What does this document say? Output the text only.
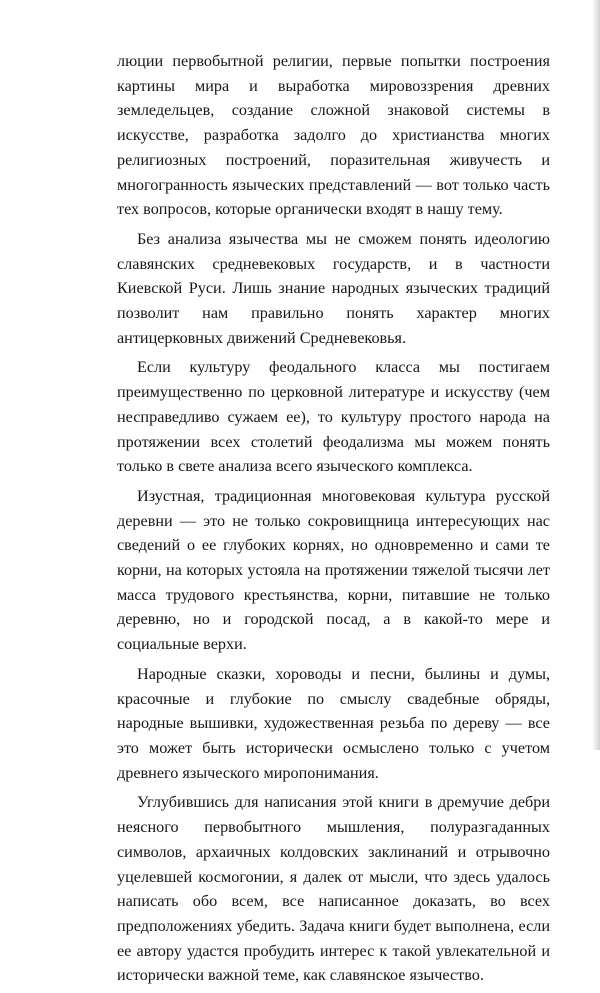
люции первобытной религии, первые попытки построения картины мира и выработка мировоззрения древних земледельцев, создание сложной знаковой системы в искусстве, разработка задолго до христианства многих религиозных построений, поразительная живучесть и многогранность языческих представлений — вот только часть тех вопросов, которые органически входят в нашу тему.

Без анализа язычества мы не сможем понять идеологию славянских средневековых государств, и в частности Киевской Руси. Лишь знание народных языческих традиций позволит нам правильно понять характер многих антицерковных движений Средневековья.

Если культуру феодального класса мы постигаем преимущественно по церковной литературе и искусству (чем несправедливо сужаем ее), то культуру простого народа на протяжении всех столетий феодализма мы можем понять только в свете анализа всего языческого комплекса.

Изустная, традиционная многовековая культура русской деревни — это не только сокровищница интересующих нас сведений о ее глубоких корнях, но одновременно и сами те корни, на которых устояла на протяжении тяжелой тысячи лет масса трудового крестьянства, корни, питавшие не только деревню, но и городской посад, а в какой-то мере и социальные верхи.

Народные сказки, хороводы и песни, былины и думы, красочные и глубокие по смыслу свадебные обряды, народные вышивки, художественная резьба по дереву — все это может быть исторически осмыслено только с учетом древнего языческого миропонимания.

Углубившись для написания этой книги в дремучие дебри неясного первобытного мышления, полуразгаданных символов, архаичных колдовских заклинаний и отрывочно уцелевшей космогонии, я далек от мысли, что здесь удалось написать обо всем, все написанное доказать, во всех предположениях убедить. Задача книги будет выполнена, если ее автору удастся пробудить интерес к такой увлекательной и исторически важной теме, как славянское язычество.
